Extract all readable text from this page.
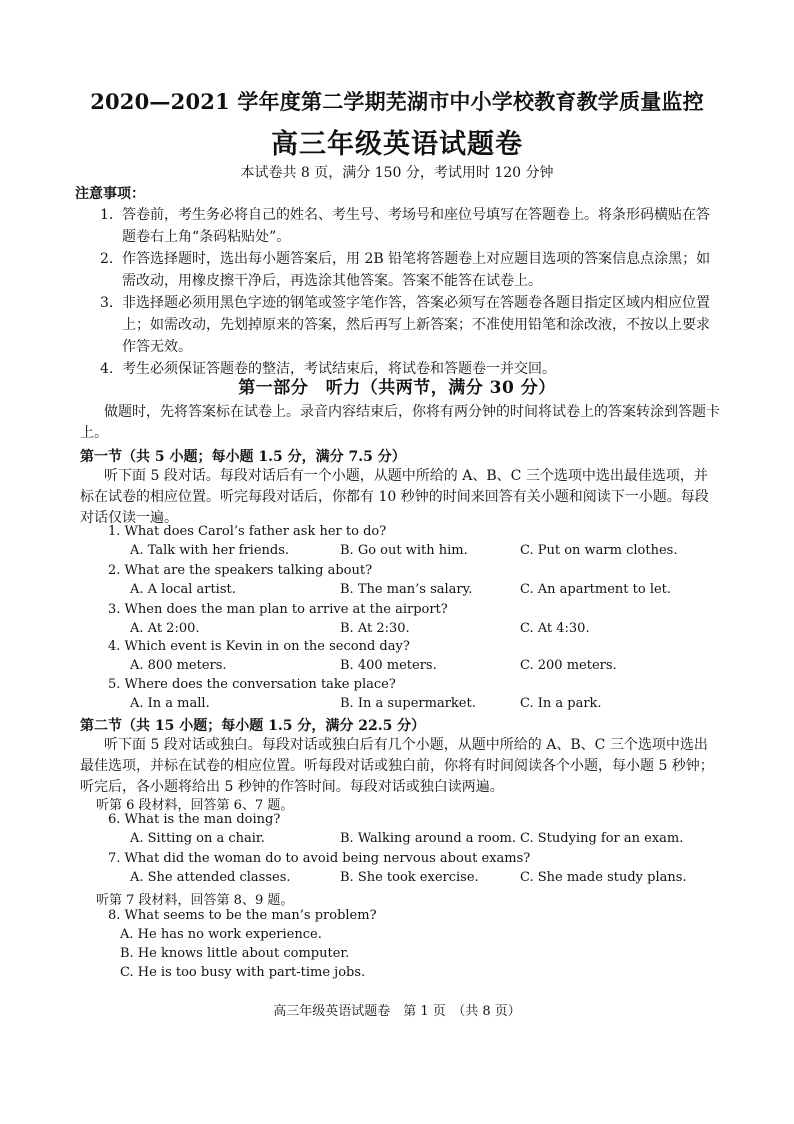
2020—2021 学年度第二学期芜湖市中小学校教育教学质量监控
高三年级英语试题卷
本试卷共 8 页，满分 150 分，考试用时 120 分钟
注意事项：
1. 答卷前，考生务必将自己的姓名、考生号、考场号和座位号填写在答题卷上。将条形码横贴在答题卷右上角“条码粘贴处”。
2. 作答选择题时，选出每小题答案后，用 2B 铅笔将答题卷上对应题目选项的答案信息点涂黑；如需改动，用橡皮擦干净后，再选涂其他答案。答案不能答在试卷上。
3. 非选择题必须用黑色字迹的钢笔或签字笔作答，答案必须写在答题卷各题目指定区域内相应位置上；如需改动，先划掉原来的答案，然后再写上新答案；不准使用铅笔和涂改液，不按以上要求作答无效。
4. 考生必须保证答题卷的整洁，考试结束后，将试卷和答题卷一并交回。
第一部分　听力（共两节，满分 30 分）
做题时，先将答案标在试卷上。录音内容结束后，你将有两分钟的时间将试卷上的答案转涂到答题卡上。
第一节（共 5 小题；每小题 1.5 分，满分 7.5 分）
听下面 5 段对话。每段对话后有一个小题，从题中所给的 A、B、C 三个选项中选出最佳选项，并标在试卷的相应位置。听完每段对话后，你都有 10 秒钟的时间来回答有关小题和阅读下一小题。每段对话仅读一遍。
1. What does Carol’s father ask her to do?
A. Talk with her friends.	B. Go out with him.	C. Put on warm clothes.
2. What are the speakers talking about?
A. A local artist.	B. The man’s salary.	C. An apartment to let.
3. When does the man plan to arrive at the airport?
A. At 2:00.	B. At 2:30.	C. At 4:30.
4. Which event is Kevin in on the second day?
A. 800 meters.	B. 400 meters.	C. 200 meters.
5. Where does the conversation take place?
A. In a mall.	B. In a supermarket.	C. In a park.
第二节（共 15 小题；每小题 1.5 分，满分 22.5 分）
听下面 5 段对话或独白。每段对话或独白后有几个小题，从题中所给的 A、B、C 三个选项中选出最佳选项，并标在试卷的相应位置。听每段对话或独白前，你将有时间阅读各个小题，每小题 5 秒钟；听完后，各小题将给出 5 秒钟的作答时间。每段对话或独白读两遍。
听第 6 段材料，回答第 6、7 题。
6. What is the man doing?
A. Sitting on a chair.	B. Walking around a room. C. Studying for an exam.
7. What did the woman do to avoid being nervous about exams?
A. She attended classes.	B. She took exercise.	C. She made study plans.
听第 7 段材料，回答第 8、9 题。
8. What seems to be the man’s problem?
A. He has no work experience.
B. He knows little about computer.
C. He is too busy with part-time jobs.
高三年级英语试题卷　第 1 页　（共 8 页）
